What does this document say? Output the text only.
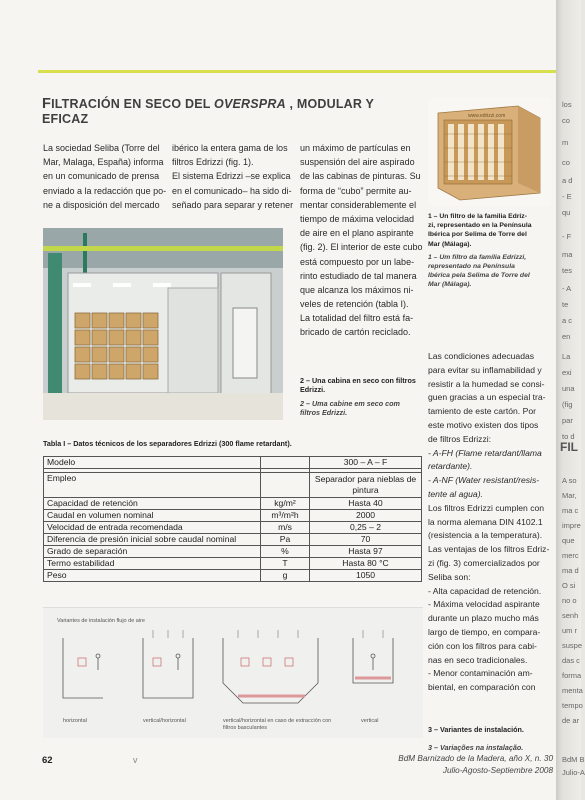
FILTRACIÓN EN SECO DEL OVERSPRA , MODULAR Y EFICAZ
La sociedad Seliba (Torre del
Mar, Malaga, España) informa
en un comunicado de prensa
enviado a la redacción que po-
ne a disposición del mercado
ibérico la entera gama de los
filtros Edrizzi (fig. 1).
El sistema Edrizzi –se explica
en el comunicado– ha sido di-
señado para separar y retener
un máximo de partículas en
suspensión del aire aspirado
de las cabinas de pinturas. Su
forma de “cubo” permite au-
mentar considerablemente el
tiempo de máxima velocidad
de aire en el plano aspirante
(fig. 2). El interior de este cubo
está compuesto por un labe-
rinto estudiado de tal manera
que alcanza los máximos ni-
veles de retención (tabla I).
La totalidad del filtro está fa-
bricado de cartón reciclado.
2 – Una cabina en seco con filtros
Edrizzi.
2 – Uma cabine em seco com
filtros Edrizzi.
Tabla I – Datos técnicos de los separadores Edrizzi (300 flame retardant).
Modelo		300 – A – F

Empleo		Separador para nieblas de pintura
Capacidad de retención	kg/m²	Hasta 40
Caudal en volumen nominal	m³/m²h	2000
Velocidad de entrada recomendada	m/s	0,25 – 2
Diferencia de presión inicial sobre caudal nominal	Pa	70
Grado de separación	%	Hasta 97
Termo estabilidad	T	Hasta 80 °C
Peso	g	1050
Variantes de instalación flujo de aire
horizontal	vertical/horizontal	vertical/horizontal en caso de extracción con filtros basculantes
vertical
www.edrizzi.com
1 – Un filtro de la familia Edriz-
zi, representado en la Península
Ibérica por Selima de Torre del
Mar (Málaga).
1 – Um filtro da família Edrizzi,
representado na Península
Ibérica pela Selima de Torre del
Mar (Málaga).
Las condiciones adecuadas
para evitar su inflamabilidad y
resistir a la humedad se consi-
guen gracias a un especial tra-
tamiento de este cartón. Por
este motivo existen dos tipos
de filtros Edrizzi:
- A-FH (Flame retardant/llama
retardante).
- A-NF (Water resistant/resis-
tente al agua).
Los filtros Edrizzi cumplen con
la norma alemana DIN 4102.1
(resistencia a la temperatura).
Las ventajas de los filtros Edriz-
zi (fig. 3) comercializados por
Seliba son:
- Alta capacidad de retención.
- Máxima velocidad aspirante
durante un plazo mucho más
largo de tiempo, en compara-
ción con los filtros para cabi-
nas en seco tradicionales.
- Menor contaminación am-
biental, en comparación con
3 – Variantes de instalación.
3 – Variações na instalação.
62	v	BdM Barnizado de la Madera, año X, n. 30
Julio-Agosto-Septiembre 2008
FIL
los
co
m
co
a d
- E
qu
- F
ma
tes
- A
te
a c
en
La
exi
una
(fig
par
to d
A so
Mar,
ma c
impre
que
merc
ma d
O si
no o
senh
um r
suspe
das c
forma
menta
tempo
de ar
BdM B
Julio-A
